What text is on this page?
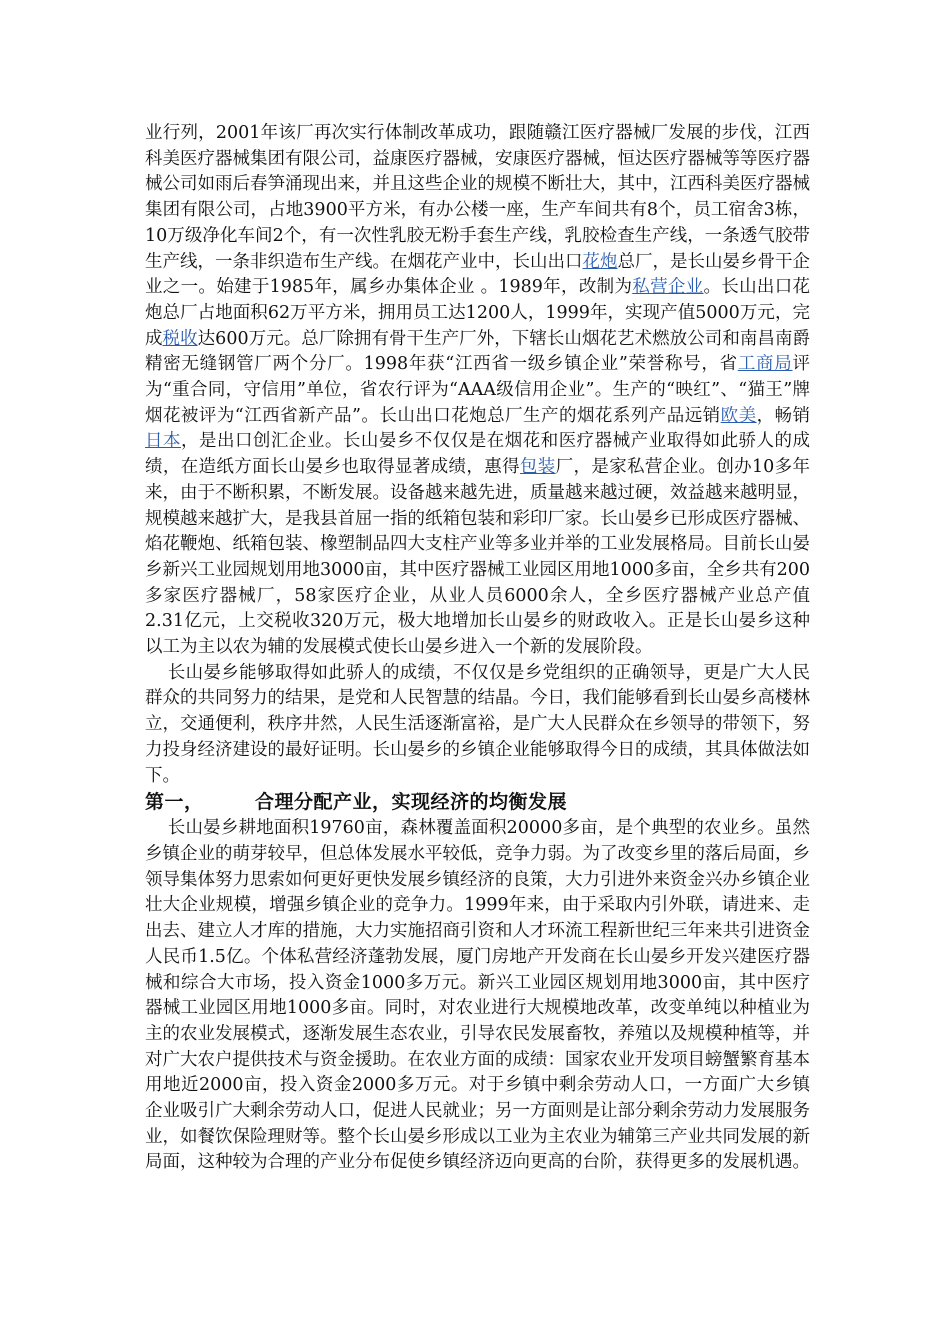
业行列，2001年该厂再次实行体制改革成功，跟随赣江医疗器械厂发展的步伐，江西科美医疗器械集团有限公司，益康医疗器械，安康医疗器械，恒达医疗器械等等医疗器械公司如雨后春笋涌现出来，并且这些企业的规模不断壮大，其中，江西科美医疗器械集团有限公司，占地3900平方米，有办公楼一座，生产车间共有8个，员工宿舍3栋，10万级净化车间2个，有一次性乳胶无粉手套生产线，乳胶检查生产线，一条透气胶带生产线，一条非织造布生产线。在烟花产业中，长山出口花炮总厂，是长山晏乡骨干企业之一。始建于1985年，属乡办集体企业 。1989年，改制为私营企业。长山出口花炮总厂占地面积62万平方米，拥用员工达1200人，1999年，实现产值5000万元，完成税收达600万元。总厂除拥有骨干生产厂外，下辖长山烟花艺术燃放公司和南昌南爵精密无缝钢管厂两个分厂。1998年获“江西省一级乡镇企业”荣誉称号，省工商局评为“重合同，守信用”单位，省农行评为“AAA级信用企业”。生产的“映红”、“猫王”牌烟花被评为“江西省新产品”。长山出口花炮总厂生产的烟花系列产品远销欧美，畅销日本，是出口创汇企业。长山晏乡不仅仅是在烟花和医疗器械产业取得如此骄人的成绩，在造纸方面长山晏乡也取得显著成绩，惠得包装厂，是家私营企业。创办10多年来，由于不断积累，不断发展。设备越来越先进，质量越来越过硬，效益越来越明显，规模越来越扩大，是我县首屈一指的纸箱包装和彩印厂家。长山晏乡已形成医疗器械、焰花鞭炮、纸箱包装、橡塑制品四大支柱产业等多业并举的工业发展格局。目前长山晏乡新兴工业园规划用地3000亩，其中医疗器械工业园区用地1000多亩，全乡共有200多家医疗器械厂，58家医疗企业，从业人员6000余人，全乡医疗器械产业总产值2.31亿元，上交税收320万元，极大地增加长山晏乡的财政收入。正是长山晏乡这种以工为主以农为辅的发展模式使长山晏乡进入一个新的发展阶段。

长山晏乡能够取得如此骄人的成绩，不仅仅是乡党组织的正确领导，更是广大人民群众的共同努力的结果，是党和人民智慧的结晶。今日，我们能够看到长山晏乡高楼林立，交通便利，秩序井然，人民生活逐渐富裕，是广大人民群众在乡领导的带领下，努力投身经济建设的最好证明。长山晏乡的乡镇企业能够取得今日的成绩，其具体做法如下。

第一，	合理分配产业，实现经济的均衡发展

长山晏乡耕地面积19760亩，森林覆盖面积20000多亩，是个典型的农业乡。虽然乡镇企业的萌芽较早，但总体发展水平较低，竞争力弱。为了改变乡里的落后局面，乡领导集体努力思索如何更好更快发展乡镇经济的良策，大力引进外来资金兴办乡镇企业壮大企业规模，增强乡镇企业的竞争力。1999年来，由于采取内引外联，请进来、走出去、建立人才库的措施，大力实施招商引资和人才环流工程新世纪三年来共引进资金人民币1.5亿。个体私营经济蓬勃发展，厦门房地产开发商在长山晏乡开发兴建医疗器械和综合大市场，投入资金1000多万元。新兴工业园区规划用地3000亩，其中医疗器械工业园区用地1000多亩。同时，对农业进行大规模地改革，改变单纯以种植业为主的农业发展模式，逐渐发展生态农业，引导农民发展畜牧，养殖以及规模种植等，并对广大农户提供技术与资金援助。在农业方面的成绩：国家农业开发项目螃蟹繁育基本用地近2000亩，投入资金2000多万元。对于乡镇中剩余劳动人口，一方面广大乡镇企业吸引广大剩余劳动人口，促进人民就业；另一方面则是让部分剩余劳动力发展服务业，如餐饮保险理财等。整个长山晏乡形成以工业为主农业为辅第三产业共同发展的新局面，这种较为合理的产业分布促使乡镇经济迈向更高的台阶，获得更多的发展机遇。
